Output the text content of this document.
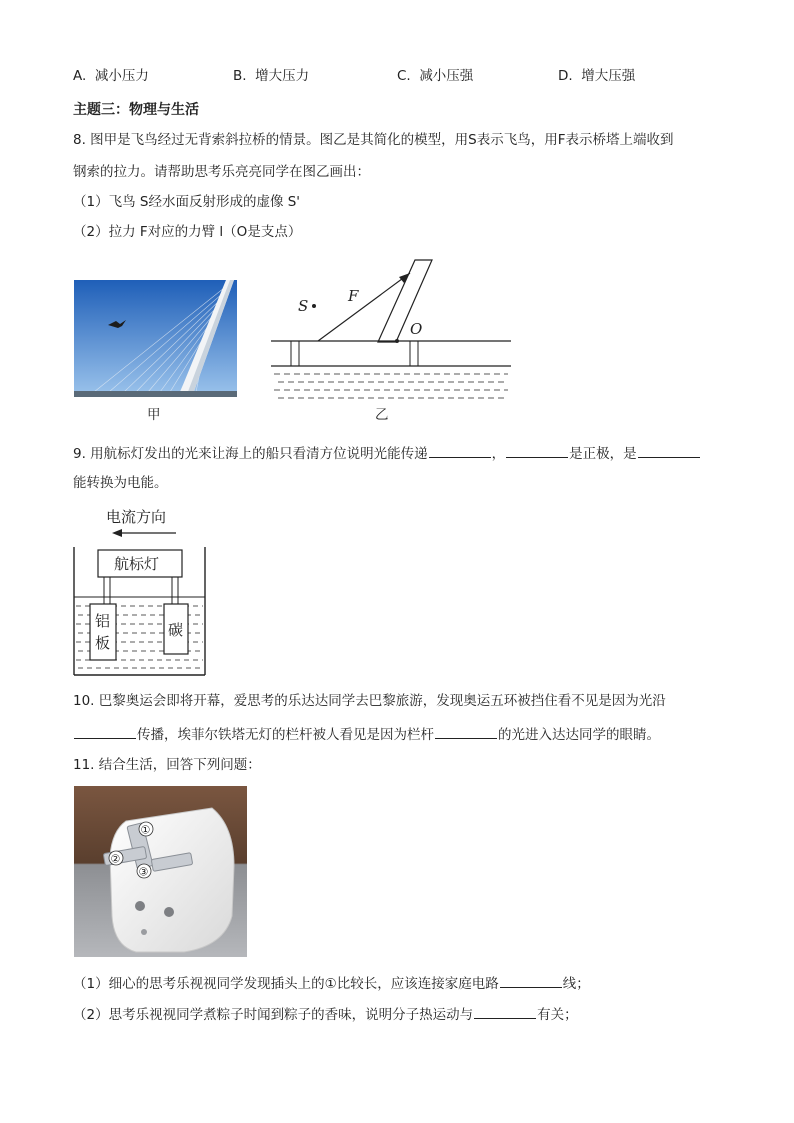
A. 减小压力	B. 增大压力	C. 减小压强	D. 增大压强
主题三：物理与生活
8. 图甲是飞鸟经过无背索斜拉桥的情景。图乙是其简化的模型，用S表示飞鸟，用F表示桥塔上端收到
钢索的拉力。请帮助思考乐亮亮同学在图乙画出：
（1）飞鸟 S经水面反射形成的虚像 S'
（2）拉力 F对应的力臂 l（O是支点）
甲
F
S
O
乙
9. 用航标灯发出的光来让海上的船只看清方位说明光能传递	，	是正极，是
能转换为电能。
电流方向
航标灯
铝
板
碳
10. 巴黎奥运会即将开幕，爱思考的乐达达同学去巴黎旅游，发现奥运五环被挡住看不见是因为光沿
传播，埃菲尔铁塔无灯的栏杆被人看见是因为栏杆	的光进入达达同学的眼睛。
11. 结合生活，回答下列问题：
①
②
③
（1）细心的思考乐视视同学发现插头上的①比较长，应该连接家庭电路	线；
（2）思考乐视视同学煮粽子时闻到粽子的香味，说明分子热运动与	有关；
